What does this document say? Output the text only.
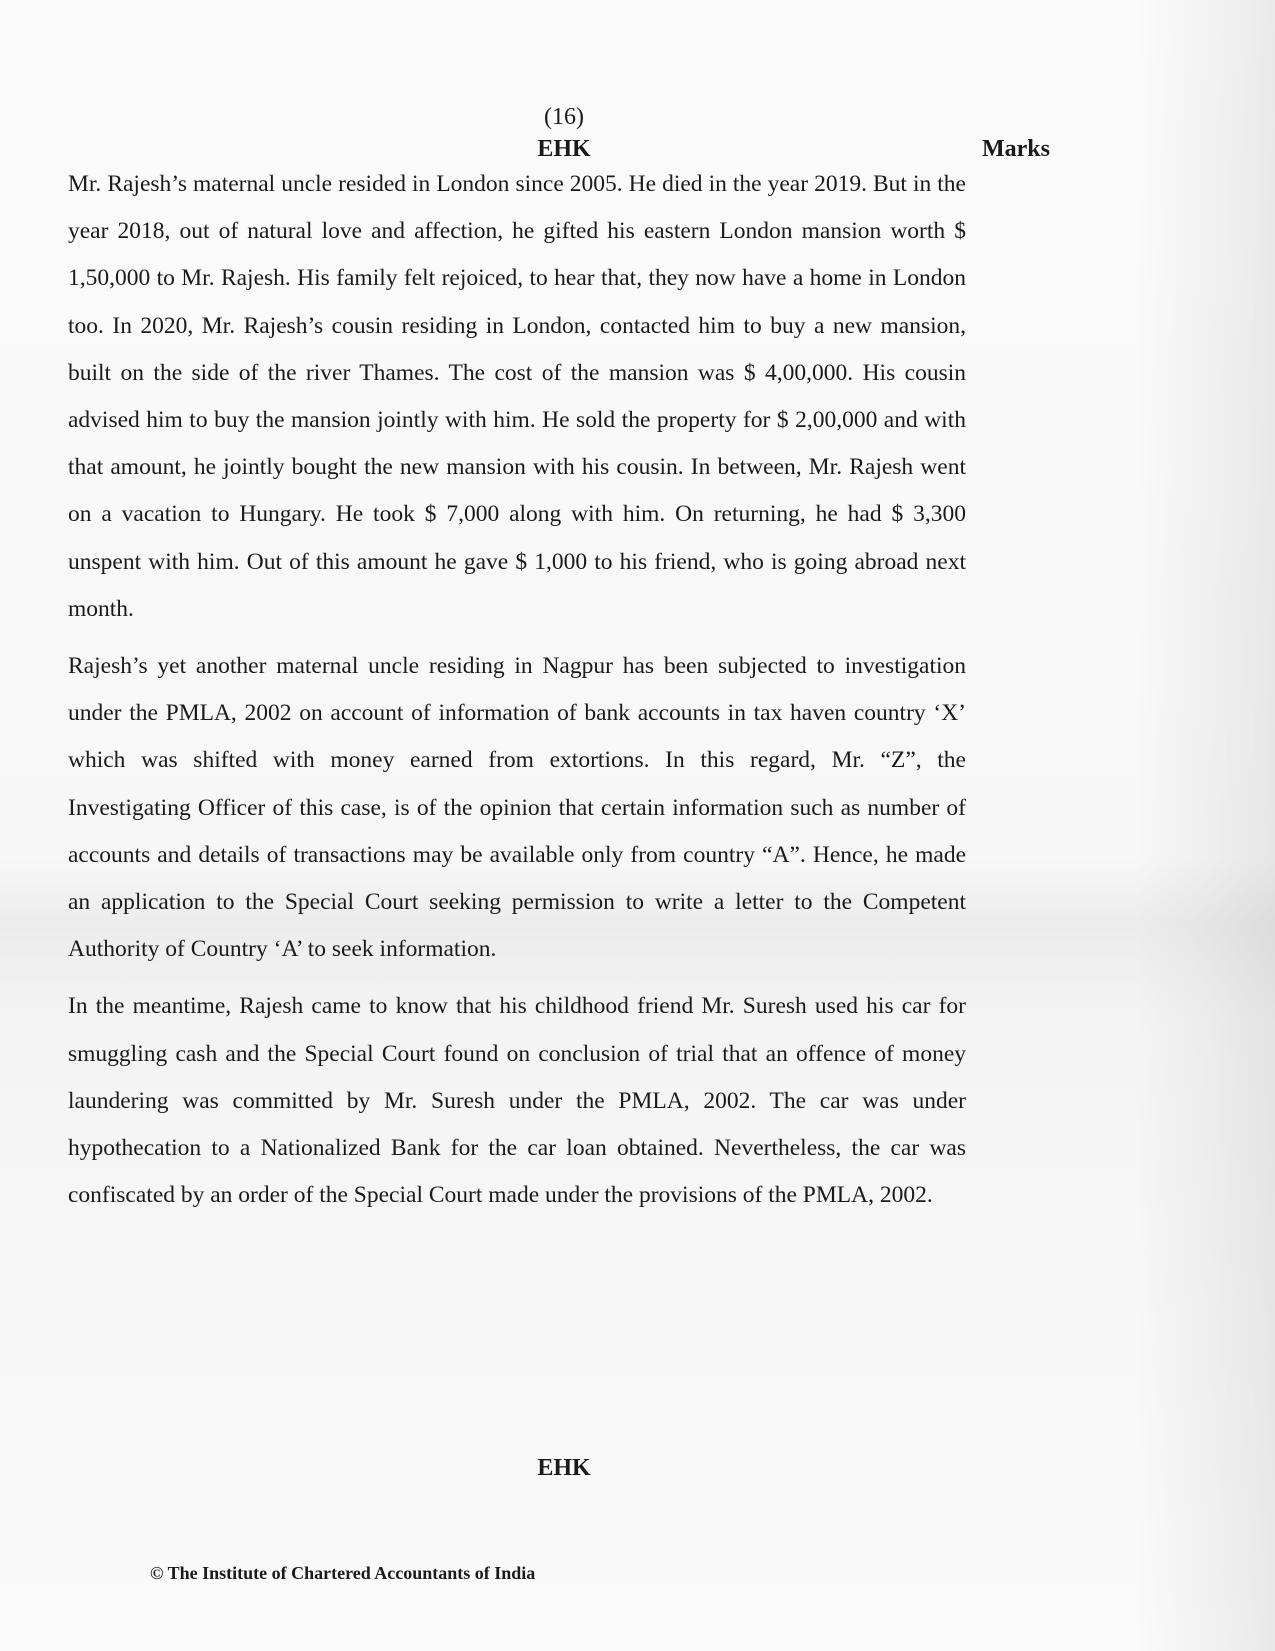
(16)
EHK	Marks

Mr. Rajesh’s maternal uncle resided in London since 2005. He died in the year 2019. But in the year 2018, out of natural love and affection, he gifted his eastern London mansion worth $ 1,50,000 to Mr. Rajesh. His family felt rejoiced, to hear that, they now have a home in London too. In 2020, Mr. Rajesh’s cousin residing in London, contacted him to buy a new mansion, built on the side of the river Thames. The cost of the mansion was $ 4,00,000. His cousin advised him to buy the mansion jointly with him. He sold the property for $ 2,00,000 and with that amount, he jointly bought the new mansion with his cousin. In between, Mr. Rajesh went on a vacation to Hungary. He took $ 7,000 along with him. On returning, he had $ 3,300 unspent with him. Out of this amount he gave $ 1,000 to his friend, who is going abroad next month.

Rajesh’s yet another maternal uncle residing in Nagpur has been subjected to investigation under the PMLA, 2002 on account of information of bank accounts in tax haven country ‘X’ which was shifted with money earned from extortions. In this regard, Mr. “Z”, the Investigating Officer of this case, is of the opinion that certain information such as number of accounts and details of transactions may be available only from country “A”. Hence, he made an application to the Special Court seeking permission to write a letter to the Competent Authority of Country ‘A’ to seek information.

In the meantime, Rajesh came to know that his childhood friend Mr. Suresh used his car for smuggling cash and the Special Court found on conclusion of trial that an offence of money laundering was committed by Mr. Suresh under the PMLA, 2002. The car was under hypothecation to a Nationalized Bank for the car loan obtained. Nevertheless, the car was confiscated by an order of the Special Court made under the provisions of the PMLA, 2002.

EHK
© The Institute of Chartered Accountants of India
